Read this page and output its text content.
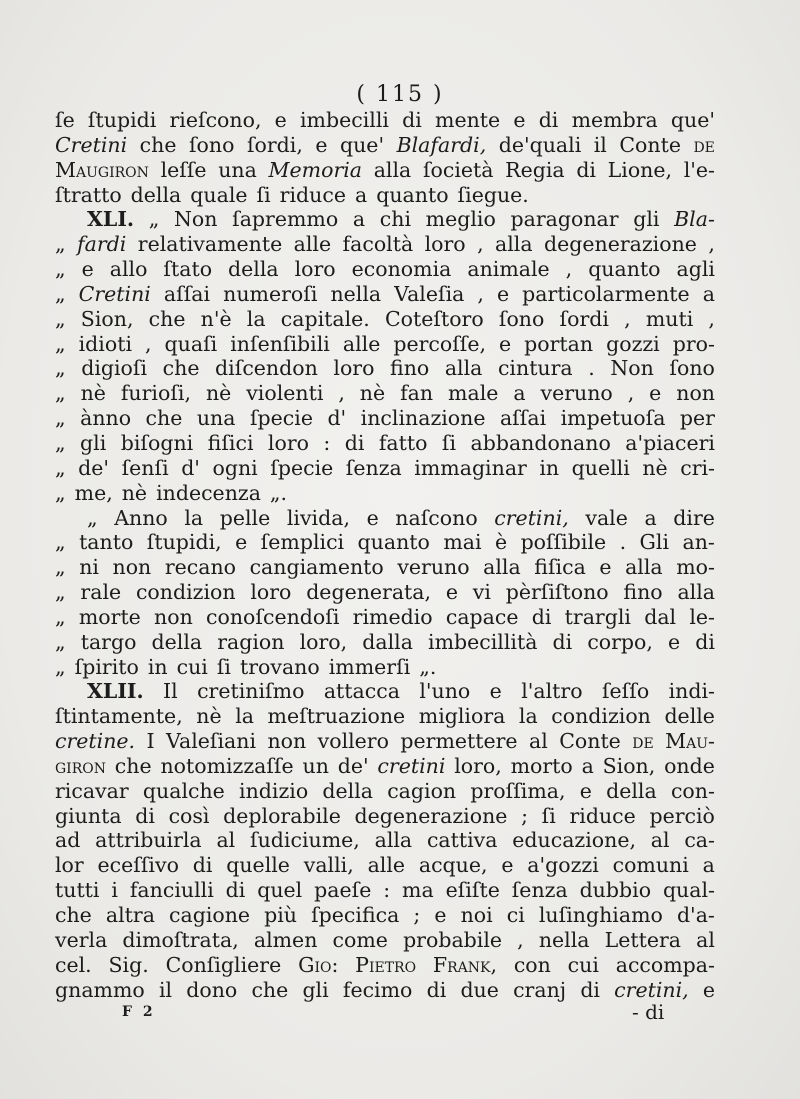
( 115 )
ſe ſtupidi rieſcono, e imbecilli di mente e di membra que'
Cretini che ſono ſordi, e que' Blafardi, de'quali il Conte de
Maugiron leſſe una Memoria alla ſocietà Regia di Lione, l'e-
ſtratto della quale ſi riduce a quanto ſiegue.
XLI. „ Non ſapremmo a chi meglio paragonar gli Bla-
„ fardi relativamente alle facoltà loro , alla degenerazione ,
„ e allo ſtato della loro economia animale , quanto agli
„ Cretini aſſai numeroſi nella Valeſia , e particolarmente a
„ Sion, che n'è la capitale. Coteſtoro ſono ſordi , muti ,
„ idioti , quaſi inſenſibili alle percoſſe, e portan gozzi pro-
„ digioſi che diſcendon loro fino alla cintura . Non ſono
„ nè furioſi, nè violenti , nè fan male a veruno , e non
„ ànno che una ſpecie d' inclinazione aſſai impetuoſa per
„ gli biſogni fiſici loro : di fatto ſi abbandonano a'piaceri
„ de' ſenſi d' ogni ſpecie ſenza immaginar in quelli nè cri-
„ me, nè indecenza „.
„ Anno la pelle livida, e naſcono cretini, vale a dire
„ tanto ſtupidi, e ſemplici quanto mai è poſſibile . Gli an-
„ ni non recano cangiamento veruno alla fiſica e alla mo-
„ rale condizion loro degenerata, e vi pèrſiſtono fino alla
„ morte non conoſcendoſi rimedio capace di trargli dal le-
„ targo della ragion loro, dalla imbecillità di corpo, e di
„ ſpirito in cui ſi trovano immerſi „.
XLII. Il cretiniſmo attacca l'uno e l'altro ſeſſo indi-
ſtintamente, nè la meſtruazione migliora la condizion delle
cretine. I Valeſiani non vollero permettere al Conte de Mau-
giron che notomizzaſſe un de' cretini loro, morto a Sion, onde
ricavar qualche indizio della cagion proſſima, e della con-
giunta di così deplorabile degenerazione ; ſi riduce perciò
ad attribuirla al ſudiciume, alla cattiva educazione, al ca-
lor eceſſivo di quelle valli, alle acque, e a'gozzi comuni a
tutti i fanciulli di quel paeſe : ma eſiſte ſenza dubbio qual-
che altra cagione più ſpecifica ; e noi ci luſinghiamo d'a-
verla dimoſtrata, almen come probabile , nella Lettera al
cel. Sig. Conſigliere Gio: Pietro Frank, con cui accompa-
gnammo il dono che gli fecimo di due cranj di cretini, e
F 2	- di
